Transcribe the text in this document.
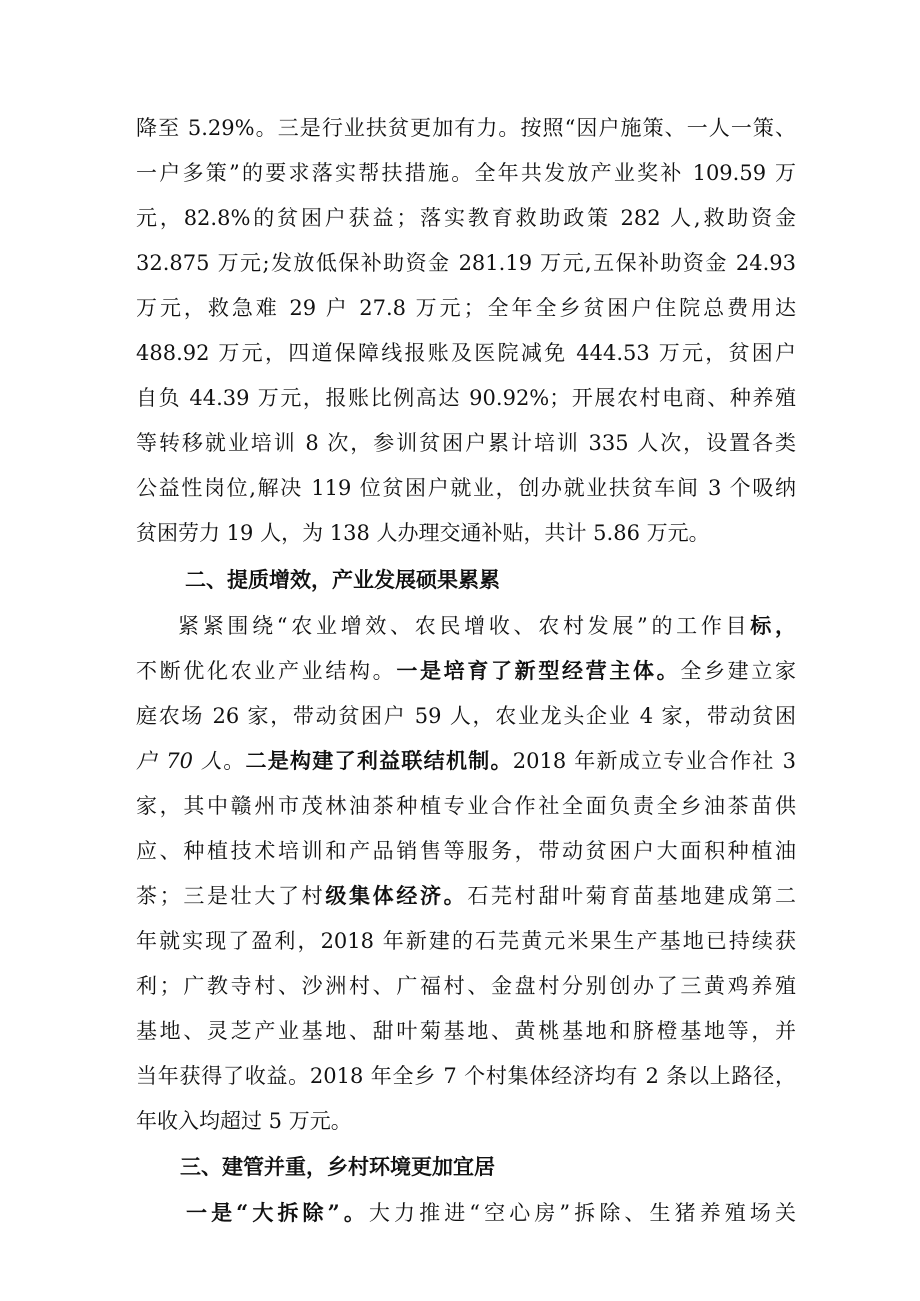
降至 5.29%。三是行业扶贫更加有力。按照“因户施策、一人一策、
一户多策”的要求落实帮扶措施。全年共发放产业奖补 109.59 万
元，82.8%的贫困户获益；落实教育救助政策 282 人,救助资金
32.875 万元;发放低保补助资金 281.19 万元,五保补助资金 24.93
万元，救急难 29 户 27.8 万元；全年全乡贫困户住院总费用达
488.92 万元，四道保障线报账及医院减免 444.53 万元，贫困户
自负 44.39 万元，报账比例高达 90.92%；开展农村电商、种养殖
等转移就业培训 8 次，参训贫困户累计培训 335 人次，设置各类
公益性岗位,解决 119 位贫困户就业，创办就业扶贫车间 3 个吸纳
贫困劳力 19 人，为 138 人办理交通补贴，共计 5.86 万元。
二、提质增效，产业发展硕果累累
紧紧围绕“农业增效、农民增收、农村发展”的工作目标，
不断优化农业产业结构。一是培育了新型经营主体。全乡建立家
庭农场 26 家，带动贫困户 59 人，农业龙头企业 4 家，带动贫困
户 70 人。二是构建了利益联结机制。2018 年新成立专业合作社 3
家，其中赣州市茂林油茶种植专业合作社全面负责全乡油茶苗供
应、种植技术培训和产品销售等服务，带动贫困户大面积种植油
茶；三是壮大了村级集体经济。石芫村甜叶菊育苗基地建成第二
年就实现了盈利，2018 年新建的石芫黄元米果生产基地已持续获
利；广教寺村、沙洲村、广福村、金盘村分别创办了三黄鸡养殖
基地、灵芝产业基地、甜叶菊基地、黄桃基地和脐橙基地等，并
当年获得了收益。2018 年全乡 7 个村集体经济均有 2 条以上路径，
年收入均超过 5 万元。
三、建管并重，乡村环境更加宜居
一是“大拆除”。大力推进“空心房”拆除、生猪养殖场关
